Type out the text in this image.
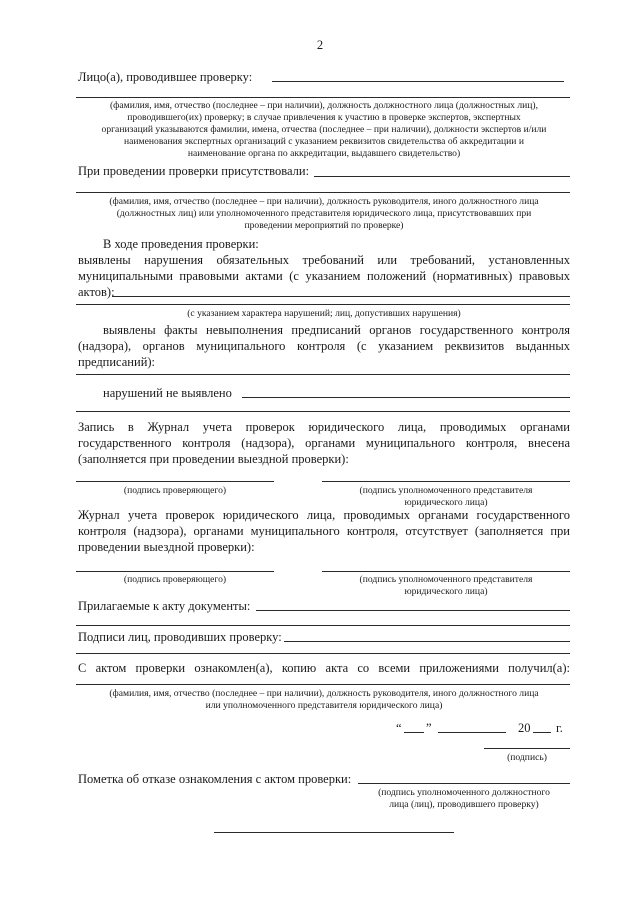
2
Лицо(а), проводившее проверку:
(фамилия, имя, отчество (последнее – при наличии), должность должностного лица (должностных лиц),
проводившего(их) проверку; в случае привлечения к участию в проверке экспертов, экспертных
организаций указываются фамилии, имена, отчества (последнее – при наличии), должности экспертов и/или
наименования экспертных организаций с указанием реквизитов свидетельства об аккредитации и
наименование органа по аккредитации, выдавшего свидетельство)
При проведении проверки присутствовали:
(фамилия, имя, отчество (последнее – при наличии), должность руководителя, иного должностного лица
(должностных лиц) или уполномоченного представителя юридического лица, присутствовавших при
проведении мероприятий по проверке)
В ходе проведения проверки:
выявлены нарушения обязательных требований или требований, установленных
муниципальными правовыми актами (с указанием положений (нормативных) правовых
актов):
(с указанием характера нарушений; лиц, допустивших нарушения)
выявлены факты невыполнения предписаний органов государственного контроля
(надзора), органов муниципального контроля (с указанием реквизитов выданных
предписаний):
нарушений не выявлено
Запись в Журнал учета проверок юридического лица, проводимых органами
государственного контроля (надзора), органами муниципального контроля, внесена
(заполняется при проведении выездной проверки):
(подпись проверяющего)	(подпись уполномоченного представителя
юридического лица)
Журнал учета проверок юридического лица, проводимых органами государственного
контроля (надзора), органами муниципального контроля, отсутствует (заполняется при
проведении выездной проверки):
(подпись проверяющего)	(подпись уполномоченного представителя
юридического лица)
Прилагаемые к акту документы:
Подписи лиц, проводивших проверку:
С актом проверки ознакомлен(а), копию акта со всеми приложениями получил(а):
(фамилия, имя, отчество (последнее – при наличии), должность руководителя, иного должностного лица
или уполномоченного представителя юридического лица)
“ ”	20 г.
(подпись)
Пометка об отказе ознакомления с актом проверки:
(подпись уполномоченного должностного
лица (лиц), проводившего проверку)
